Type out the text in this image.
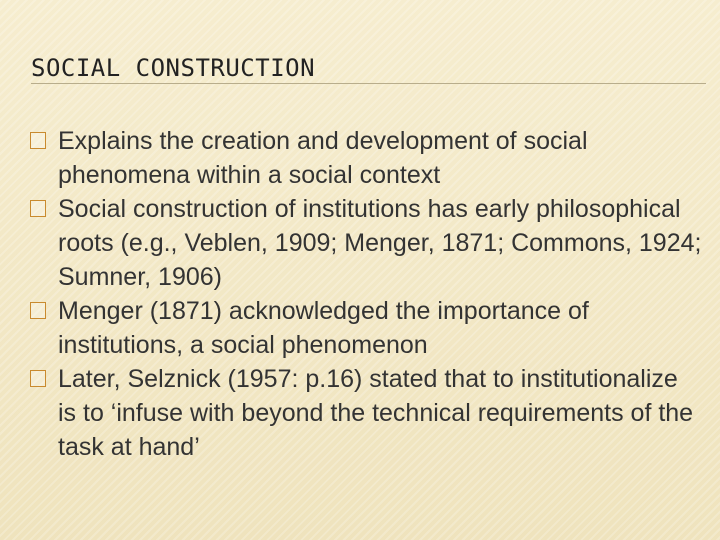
SOCIAL CONSTRUCTION
Explains the creation and development of social phenomena within a social context
Social construction of institutions has early philosophical roots (e.g., Veblen, 1909; Menger, 1871; Commons, 1924; Sumner, 1906)
Menger (1871) acknowledged the importance of institutions, a social phenomenon
Later, Selznick (1957: p.16) stated that to institutionalize is to ‘infuse with beyond the technical requirements of the task at hand’
